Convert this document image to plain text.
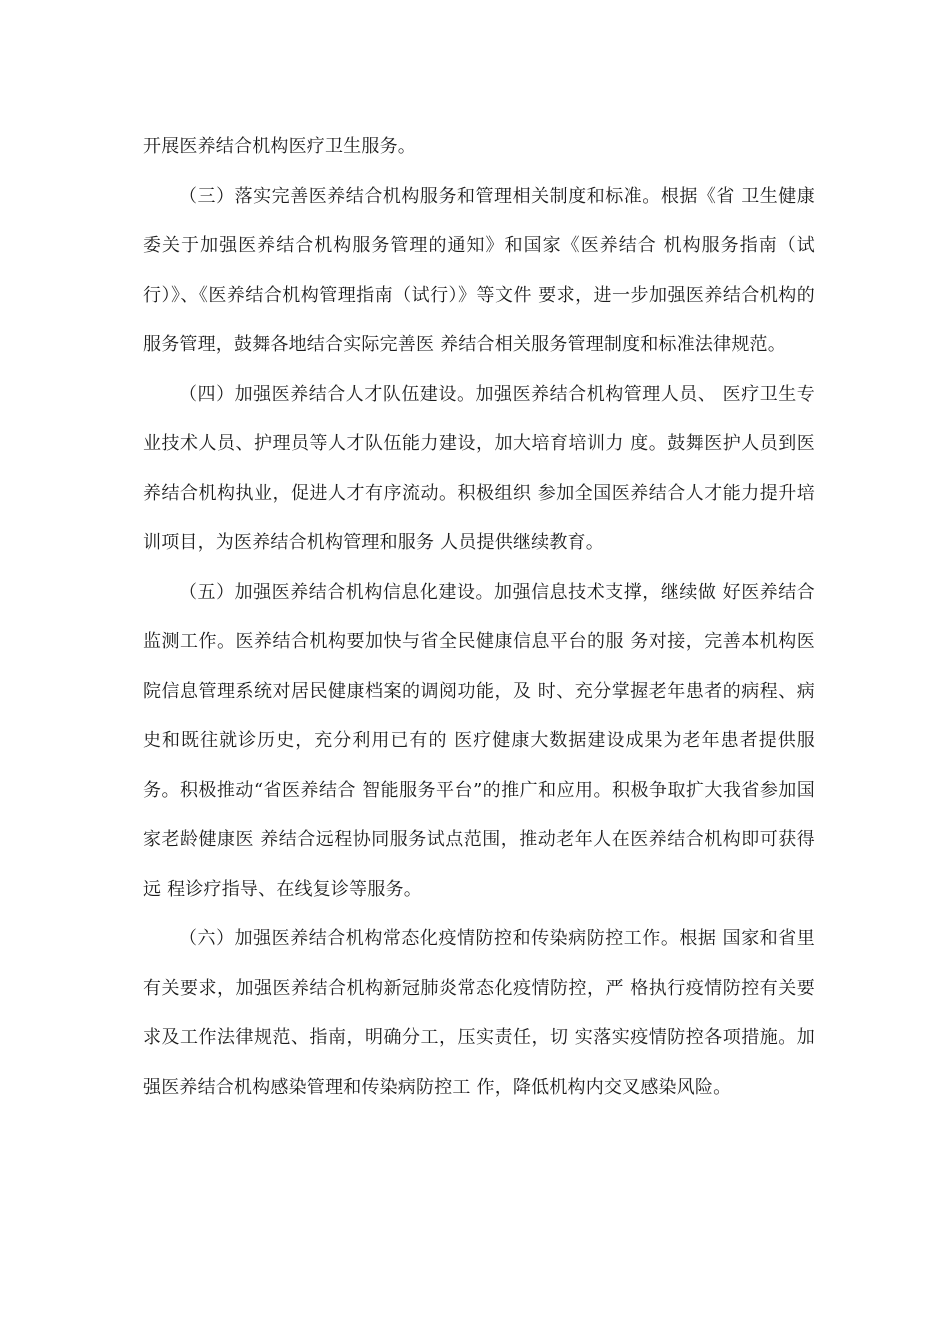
开展医养结合机构医疗卫生服务。

（三）落实完善医养结合机构服务和管理相关制度和标准。根据《省 卫生健康委关于加强医养结合机构服务管理的通知》和国家《医养结合 机构服务指南（试行）》、《医养结合机构管理指南（试行）》等文件 要求，进一步加强医养结合机构的服务管理，鼓舞各地结合实际完善医 养结合相关服务管理制度和标准法律规范。

（四）加强医养结合人才队伍建设。加强医养结合机构管理人员、 医疗卫生专业技术人员、护理员等人才队伍能力建设，加大培育培训力 度。鼓舞医护人员到医养结合机构执业，促进人才有序流动。积极组织 参加全国医养结合人才能力提升培训项目，为医养结合机构管理和服务 人员提供继续教育。

（五）加强医养结合机构信息化建设。加强信息技术支撑，继续做 好医养结合监测工作。医养结合机构要加快与省全民健康信息平台的服 务对接，完善本机构医院信息管理系统对居民健康档案的调阅功能，及 时、充分掌握老年患者的病程、病史和既往就诊历史，充分利用已有的 医疗健康大数据建设成果为老年患者提供服务。积极推动“省医养结合 智能服务平台”的推广和应用。积极争取扩大我省参加国家老龄健康医 养结合远程协同服务试点范围，推动老年人在医养结合机构即可获得远 程诊疗指导、在线复诊等服务。

（六）加强医养结合机构常态化疫情防控和传染病防控工作。根据 国家和省里有关要求，加强医养结合机构新冠肺炎常态化疫情防控，严 格执行疫情防控有关要求及工作法律规范、指南，明确分工，压实责任，切 实落实疫情防控各项措施。加强医养结合机构感染管理和传染病防控工 作，降低机构内交叉感染风险。
